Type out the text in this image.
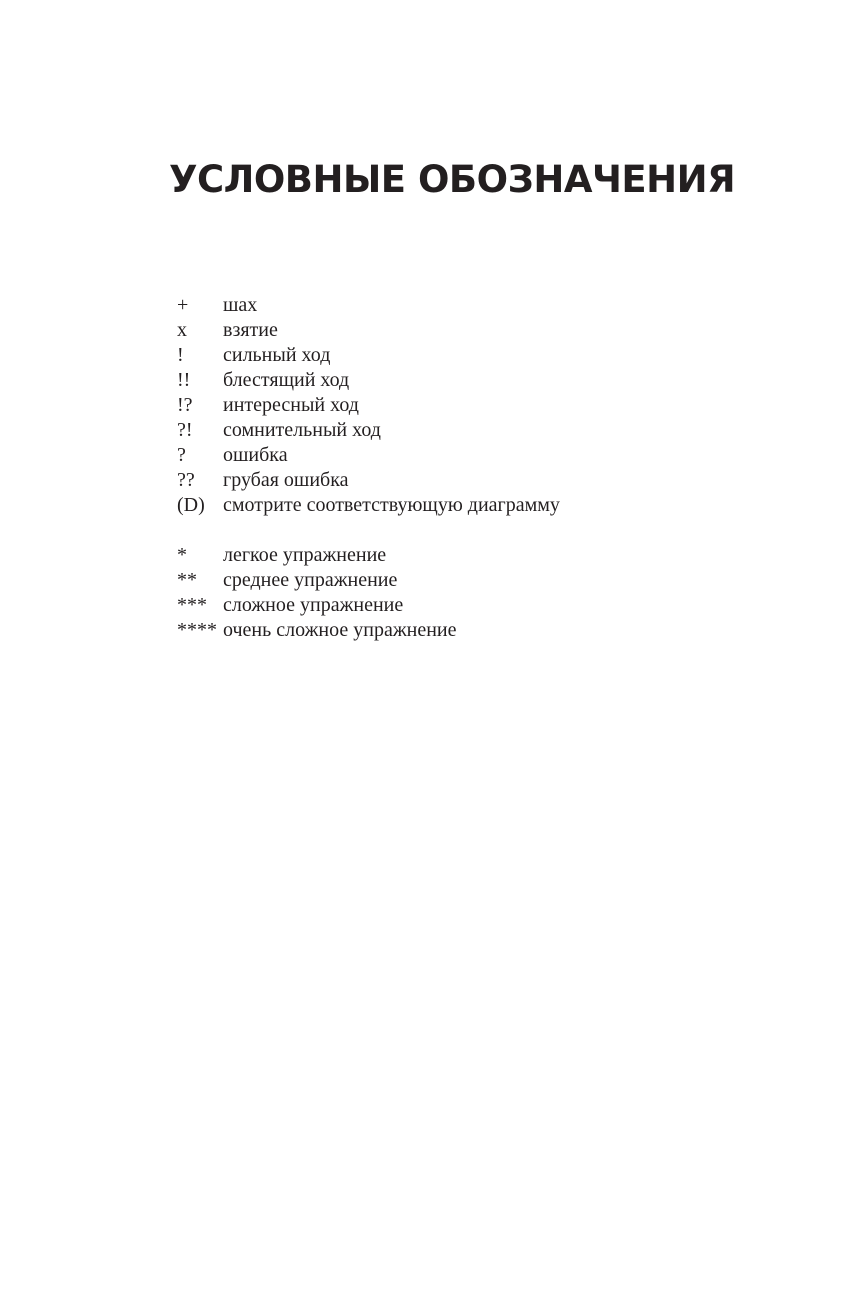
УСЛОВНЫЕ ОБОЗНАЧЕНИЯ
+	шах
x	взятие
!	сильный ход
!!	блестящий ход
!?	интересный ход
?!	сомнительный ход
?	ошибка
??	грубая ошибка
(D) смотрите соответствующую диаграмму
*	легкое упражнение
**	среднее упражнение
*** сложное упражнение
**** очень сложное упражнение
